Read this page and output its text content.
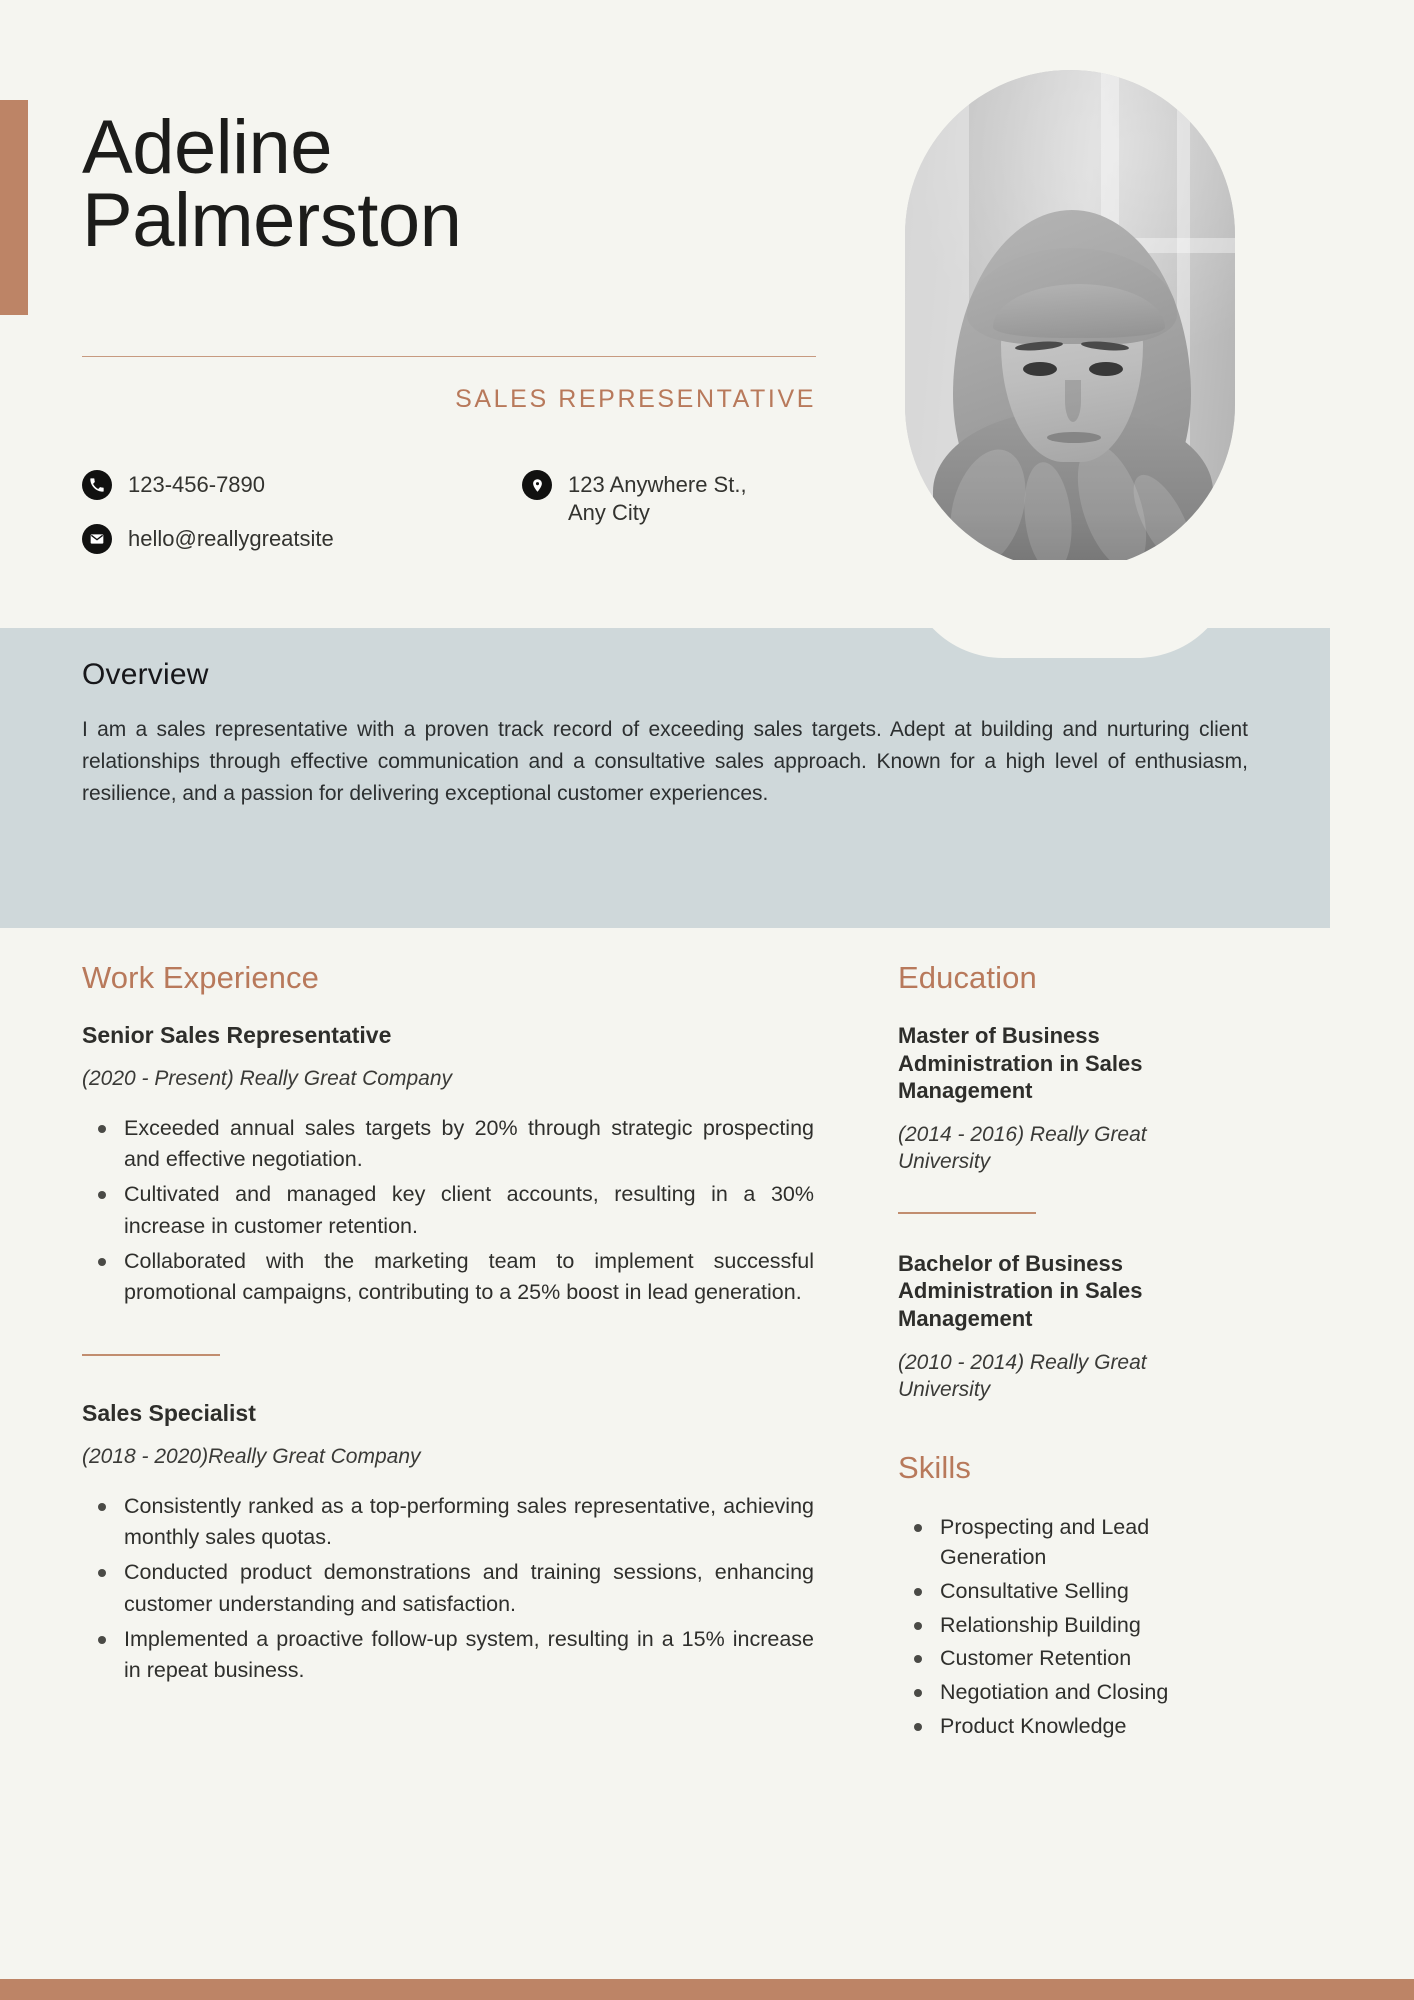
Adeline
Palmerston
SALES REPRESENTATIVE
123-456-7890
hello@reallygreatsite
123 Anywhere St.,
Any City
Overview

I am a sales representative with a proven track record of exceeding sales targets. Adept at building and nurturing client relationships through effective communication and a consultative sales approach. Known for a high level of enthusiasm, resilience, and a passion for delivering exceptional customer experiences.

Work Experience

Senior Sales Representative

(2020 - Present) Really Great Company

Exceeded annual sales targets by 20% through strategic prospecting and effective negotiation.
Cultivated and managed key client accounts, resulting in a 30% increase in customer retention.
Collaborated with the marketing team to implement successful promotional campaigns, contributing to a 25% boost in lead generation.

Sales Specialist

(2018 - 2020)Really Great Company

Consistently ranked as a top-performing sales representative, achieving monthly sales quotas.
Conducted product demonstrations and training sessions, enhancing customer understanding and satisfaction.
Implemented a proactive follow-up system, resulting in a 15% increase in repeat business.
Education

Master of Business Administration in Sales Management

(2014 - 2016) Really Great University

Bachelor of Business Administration in Sales Management

(2010 - 2014) Really Great University

Skills
Prospecting and Lead Generation
Consultative Selling
Relationship Building
Customer Retention
Negotiation and Closing
Product Knowledge
